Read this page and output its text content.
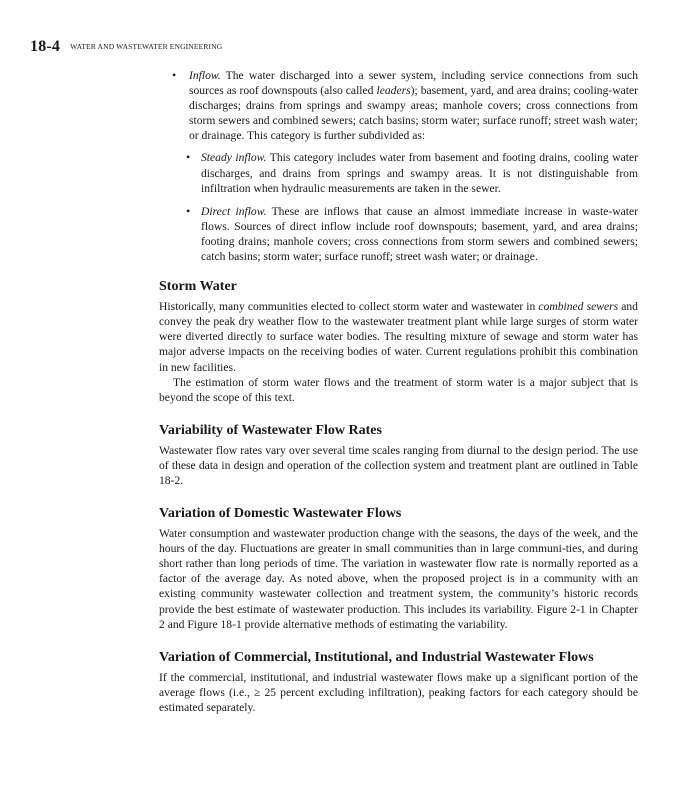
18-4 WATER AND WASTEWATER ENGINEERING
• Inflow. The water discharged into a sewer system, including service connections from such sources as roof downspouts (also called leaders); basement, yard, and area drains; cooling-water discharges; drains from springs and swampy areas; manhole covers; cross connections from storm sewers and combined sewers; catch basins; storm water; surface runoff; street wash water; or drainage. This category is further subdivided as:

• Steady inflow. This category includes water from basement and footing drains, cooling water discharges, and drains from springs and swampy areas. It is not distinguishable from infiltration when hydraulic measurements are taken in the sewer.

• Direct inflow. These are inflows that cause an almost immediate increase in waste-water flows. Sources of direct inflow include roof downspouts; basement, yard, and area drains; footing drains; manhole covers; cross connections from storm sewers and combined sewers; catch basins; storm water; surface runoff; street wash water; or drainage.

Storm Water

Historically, many communities elected to collect storm water and wastewater in combined sewers and convey the peak dry weather flow to the wastewater treatment plant while large surges of storm water were diverted directly to surface water bodies. The resulting mixture of sewage and storm water has major adverse impacts on the receiving bodies of water. Current regulations prohibit this combination in new facilities.

The estimation of storm water flows and the treatment of storm water is a major subject that is beyond the scope of this text.

Variability of Wastewater Flow Rates

Wastewater flow rates vary over several time scales ranging from diurnal to the design period. The use of these data in design and operation of the collection system and treatment plant are outlined in Table 18-2.

Variation of Domestic Wastewater Flows

Water consumption and wastewater production change with the seasons, the days of the week, and the hours of the day. Fluctuations are greater in small communities than in large communi-ties, and during short rather than long periods of time. The variation in wastewater flow rate is normally reported as a factor of the average day. As noted above, when the proposed project is in a community with an existing community wastewater collection and treatment system, the community’s historic records provide the best estimate of wastewater production. This includes its variability. Figure 2-1 in Chapter 2 and Figure 18-1 provide alternative methods of estimating the variability.

Variation of Commercial, Institutional, and Industrial Wastewater Flows

If the commercial, institutional, and industrial wastewater flows make up a significant portion of the average flows (i.e., ≥ 25 percent excluding infiltration), peaking factors for each category should be estimated separately.
